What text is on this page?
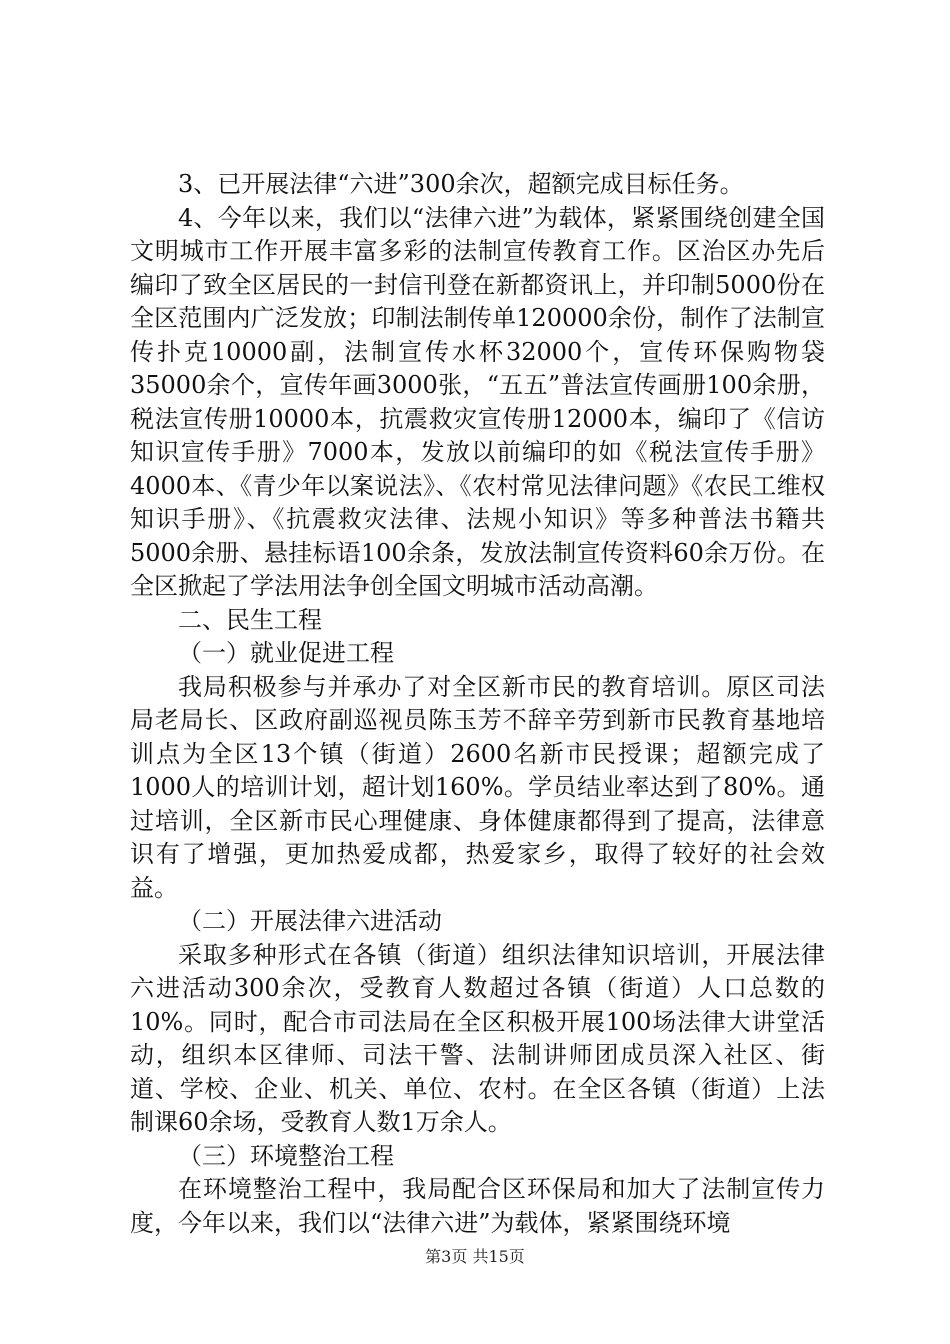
3、已开展法律“六进”300余次，超额完成目标任务。

4、今年以来，我们以“法律六进”为载体，紧紧围绕创建全国文明城市工作开展丰富多彩的法制宣传教育工作。区治区办先后编印了致全区居民的一封信刊登在新都资讯上，并印制5000份在全区范围内广泛发放；印制法制传单120000余份，制作了法制宣传扑克10000副，法制宣传水杯32000个，宣传环保购物袋35000余个，宣传年画3000张，“五五”普法宣传画册100余册，税法宣传册10000本，抗震救灾宣传册12000本，编印了《信访知识宣传手册》7000本，发放以前编印的如《税法宣传手册》4000本、《青少年以案说法》、《农村常见法律问题》《农民工维权知识手册》、《抗震救灾法律、法规小知识》等多种普法书籍共5000余册、悬挂标语100余条，发放法制宣传资料60余万份。在全区掀起了学法用法争创全国文明城市活动高潮。

二、民生工程

（一）就业促进工程

我局积极参与并承办了对全区新市民的教育培训。原区司法局老局长、区政府副巡视员陈玉芳不辞辛劳到新市民教育基地培训点为全区13个镇（街道）2600名新市民授课；超额完成了1000人的培训计划，超计划160%。学员结业率达到了80%。通过培训，全区新市民心理健康、身体健康都得到了提高，法律意识有了增强，更加热爱成都，热爱家乡，取得了较好的社会效益。

（二）开展法律六进活动

采取多种形式在各镇（街道）组织法律知识培训，开展法律六进活动300余次，受教育人数超过各镇（街道）人口总数的10%。同时，配合市司法局在全区积极开展100场法律大讲堂活动，组织本区律师、司法干警、法制讲师团成员深入社区、街道、学校、企业、机关、单位、农村。在全区各镇（街道）上法制课60余场，受教育人数1万余人。

（三）环境整治工程

在环境整治工程中，我局配合区环保局和加大了法制宣传力度，今年以来，我们以“法律六进”为载体，紧紧围绕环境

第3页 共15页
